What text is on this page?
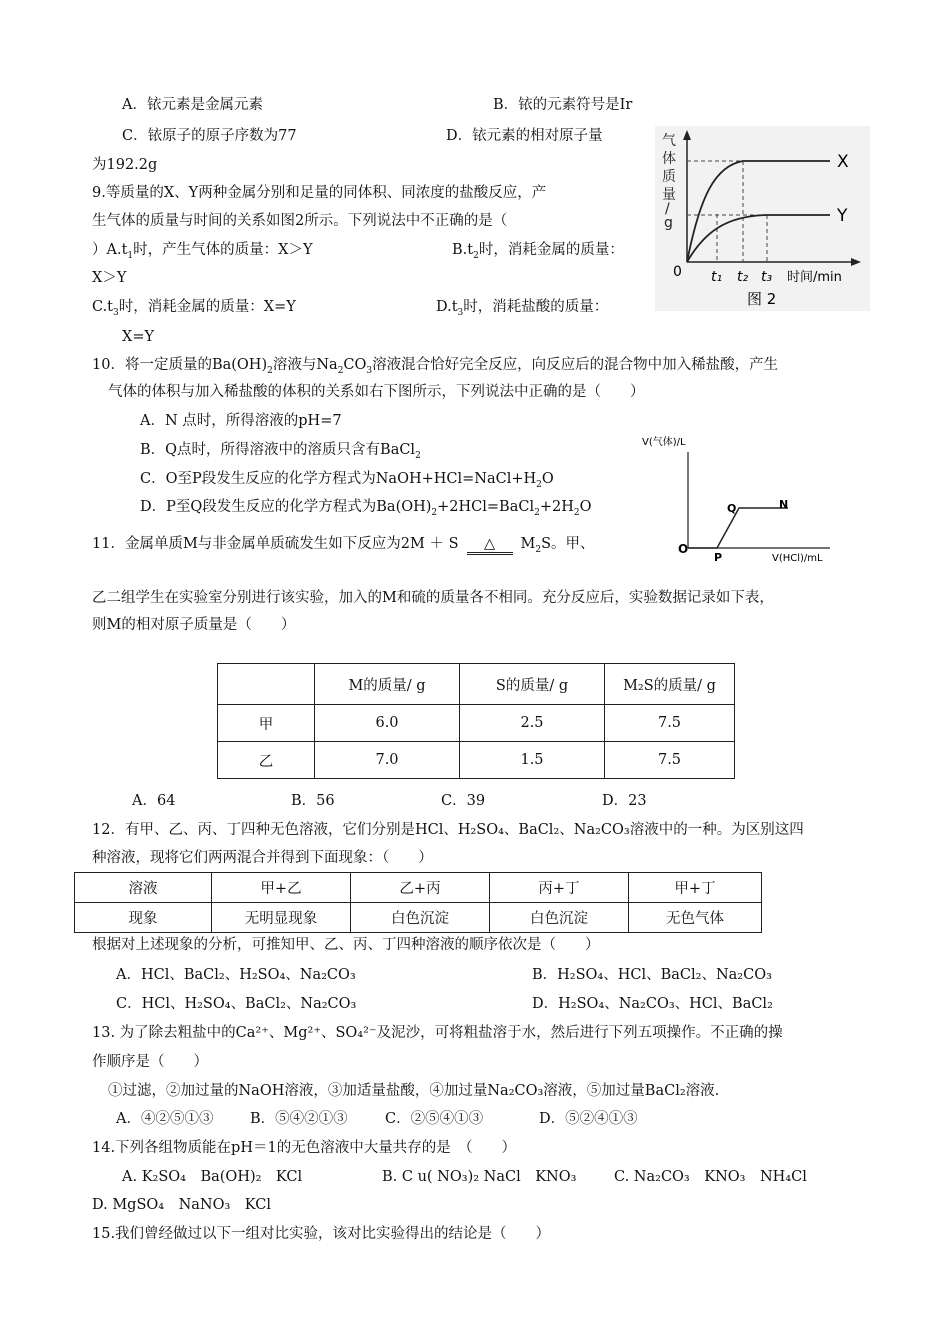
A．铱元素是金属元素	B．铱的元素符号是Ir
C．铱原子的原子序数为77	D．铱元素的相对原子量
为192.2g
9.等质量的X、Y两种金属分别和足量的同体积、同浓度的盐酸反应，产
生气体的质量与时间的关系如图2所示。下列说法中不正确的是（
）$A.t_1$时，产生气体的质量：X＞Y	$B.t_2$时，消耗金属的质量：
X＞Y
$C.t_3$时，消耗金属的质量：X=Y	$D.t_3$时，消耗盐酸的质量：
X=Y
气
体
质
量
/
g
X
Y
0 t₁ t₂ t₃ 时间/min
图 2
10．将一定质量的$Ba(OH)_2$溶液与$Na_2CO_3$溶液混合恰好完全反应，向反应后的混合物中加入稀盐酸，产生
气体的体积与加入稀盐酸的体积的关系如右下图所示，下列说法中正确的是（　　）
A．N 点时，所得溶液的pH=7
B．Q点时，所得溶液中的溶质只含有BaCl$_2$
C．O至P段发生反应的化学方程式为$NaOH+HCl=NaCl+H_2O$
D．P至Q段发生反应的化学方程式为$Ba(OH)_2+2HCl=BaCl_2+2H_2O$
V(气体)/L
O
P
Q	N
V(HCl)/mL
11．金属单质M与非金属单质硫发生如下反应为2M ＋ S △ $M_2S$。甲、
乙二组学生在实验室分别进行该实验，加入的M和硫的质量各不相同。充分反应后，实验数据记录如下表，
则M的相对原子质量是（　　）
	M的质量/ g	S的质量/ g	M₂S的质量/ g
甲	6.0	2.5	7.5
乙	7.0	1.5	7.5
A．64	B．56	C．39	D．23
12．有甲、乙、丙、丁四种无色溶液，它们分别是HCl、H₂SO₄、BaCl₂、Na₂CO₃溶液中的一种。为区别这四
种溶液，现将它们两两混合并得到下面现象：（　　）
溶液	甲+乙	乙+丙	丙+丁	甲+丁
现象	无明显现象	白色沉淀	白色沉淀	无色气体
根据对上述现象的分析，可推知甲、乙、丙、丁四种溶液的顺序依次是（　　）
A．HCl、BaCl₂、H₂SO₄、Na₂CO₃	B．H₂SO₄、HCl、BaCl₂、Na₂CO₃
C．HCl、H₂SO₄、BaCl₂、Na₂CO₃	D．H₂SO₄、Na₂CO₃、HCl、BaCl₂
13. 为了除去粗盐中的Ca²⁺、Mg²⁺、SO₄²⁻及泥沙，可将粗盐溶于水，然后进行下列五项操作。不正确的操
作顺序是（　　）
①过滤，②加过量的NaOH溶液，③加适量盐酸，④加过量Na₂CO₃溶液，⑤加过量BaCl₂溶液.
A．④②⑤①③	B．⑤④②①③	C．②⑤④①③	D．⑤②④①③
14.下列各组物质能在pH＝1的无色溶液中大量共存的是　（　　）
A. K₂SO₄　Ba(OH)₂　KCl	B. C u( NO₃)₂ NaCl　KNO₃	C. Na₂CO₃　KNO₃　NH₄Cl
D. MgSO₄　NaNO₃　KCl
15.我们曾经做过以下一组对比实验，该对比实验得出的结论是（　　）
